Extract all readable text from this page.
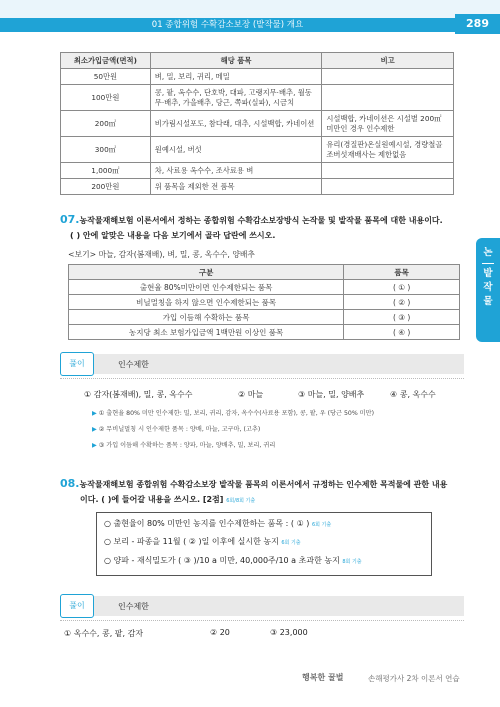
01 종합위험 수확감소보장 (밭작물) 개요	289
논
밭
작
물
최소가입금액(면적)	해당 품목	비고
50만원	벼, 밀, 보리, 귀리, 메밀	
100만원	콩, 팥, 옥수수, 단호박, 대파, 고랭지무·배추, 월동무·배추, 가을배추, 당근, 쪽파(실파), 시금치	
200㎡	비가림시설포도, 참다래, 대추, 시설백합, 카네이션	시설백합, 카네이션은 시설별 200㎡ 미만인 경우 인수제한
300㎡	원예시설, 버섯	유리(경질판)온실원예시설, 경량철골조버섯재배사는 제한없음
1,000㎡	차, 사료용 옥수수, 조사료용 벼	
200만원	위 품목을 제외한 전 품목	
07.농작물재해보험 이론서에서 정하는 종합위험 수확감소보장방식 논작물 및 밭작물 품목에 대한 내용이다.
( ) 안에 알맞은 내용을 다음 보기에서 골라 답란에 쓰시오.
<보기> 마늘, 감자(봄재배), 벼, 밀, 콩, 옥수수, 양배추
구분	품목
출현율 80%미만이면 인수제한되는 품목	( ① )
비닐멀칭을 하지 않으면 인수제한되는 품목	( ② )
가입 이듬해 수확하는 품목	( ③ )
농지당 최소 보험가입금액 1백만원 이상인 품목	( ④ )
풀이	인수제한
① 감자(봄재배), 밀, 콩, 옥수수	② 마늘	③ 마늘, 밀, 양배추	④ 콩, 옥수수
▶ ① 출현율 80% 미만 인수제한: 밀, 보리, 귀리, 감자, 옥수수(사료용 포함), 콩, 팥, 우 (당근 50% 미만)
▶ ② 무비닐멀칭 시 인수제한 품목 : 양배, 마늘, 고구마, (고추)
▶ ③ 가입 이듬해 수확하는 품목 : 양파, 마늘, 양배추, 밀, 보리, 귀리
08.농작물재해보험 종합위험 수확감소보장 밭작물 품목의 이론서에서 규정하는 인수제한 목적물에 관한 내용
이다. ( )에 들어갈 내용을 쓰시오. [2점] 6회/8회 기출
○ 출현율이 80% 미만인 농지를 인수제한하는 품목 : ( ① ) 6회 기출
○ 보리 - 파종을 11월 ( ② )일 이후에 실시한 농지 6회 기출
○ 양파 - 재식밀도가 ( ③ )/10 a 미만, 40,000주/10 a 초과한 농지 8회 기출
풀이	인수제한
① 옥수수, 콩, 팥, 감자	② 20	③ 23,000
행복한 꿀벌	손해평가사 2차 이론서 연습
